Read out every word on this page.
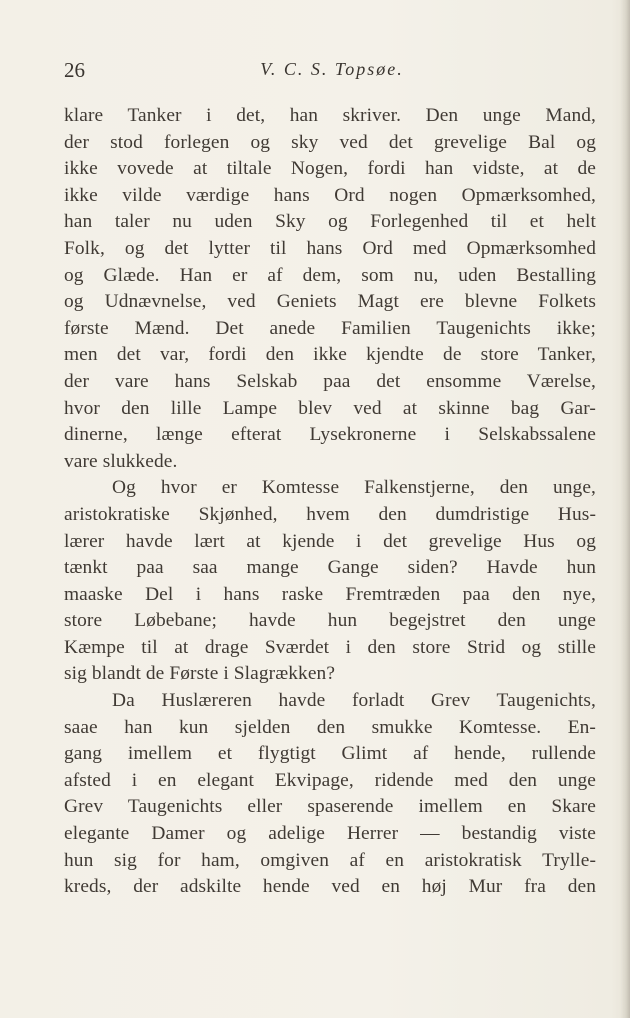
26	V. C. S. Topsøe.
klare Tanker i det, han skriver. Den unge Mand,
der stod forlegen og sky ved det grevelige Bal og
ikke vovede at tiltale Nogen, fordi han vidste, at de
ikke vilde værdige hans Ord nogen Opmærksomhed,
han taler nu uden Sky og Forlegenhed til et helt
Folk, og det lytter til hans Ord med Opmærksomhed
og Glæde. Han er af dem, som nu, uden Bestalling
og Udnævnelse, ved Geniets Magt ere blevne Folkets
første Mænd. Det anede Familien Taugenichts ikke;
men det var, fordi den ikke kjendte de store Tanker,
der vare hans Selskab paa det ensomme Værelse,
hvor den lille Lampe blev ved at skinne bag Gar-
dinerne, længe efterat Lysekronerne i Selskabssalene
vare slukkede.
Og hvor er Komtesse Falkenstjerne, den unge,
aristokratiske Skjønhed, hvem den dumdristige Hus-
lærer havde lært at kjende i det grevelige Hus og
tænkt paa saa mange Gange siden? Havde hun
maaske Del i hans raske Fremtræden paa den nye,
store Løbebane; havde hun begejstret den unge
Kæmpe til at drage Sværdet i den store Strid og stille
sig blandt de Første i Slagrækken?
Da Huslæreren havde forladt Grev Taugenichts,
saae han kun sjelden den smukke Komtesse. En-
gang imellem et flygtigt Glimt af hende, rullende
afsted i en elegant Ekvipage, ridende med den unge
Grev Taugenichts eller spaserende imellem en Skare
elegante Damer og adelige Herrer — bestandig viste
hun sig for ham, omgiven af en aristokratisk Trylle-
kreds, der adskilte hende ved en høj Mur fra den
